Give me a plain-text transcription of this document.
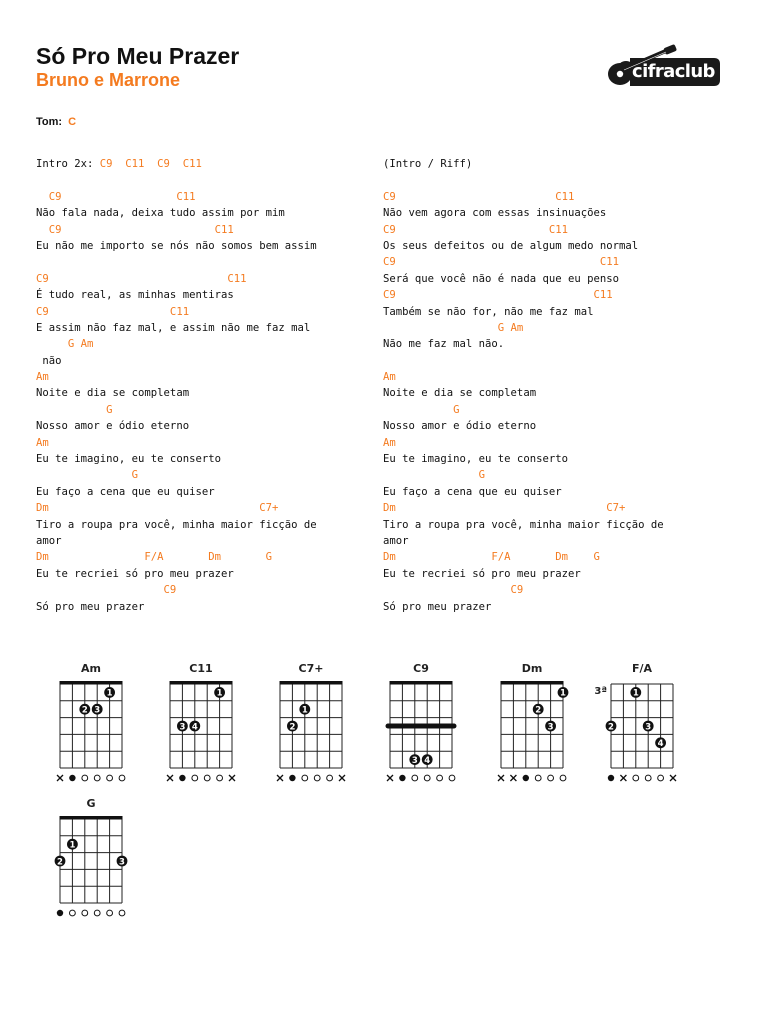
Só Pro Meu Prazer
Bruno e Marrone	cifraclub
Tom: C
Intro 2x: C9  C11  C9  C11
C9                  C11
Não fala nada, deixa tudo assim por mim
C9                        C11
Eu não me importo se nós não somos bem assim
C9                            C11
É tudo real, as minhas mentiras
C9                   C11
E assim não faz mal, e assim não me faz mal
G Am
não
Am
Noite e dia se completam
G
Nosso amor e ódio eterno
Am
Eu te imagino, eu te conserto
G
Eu faço a cena que eu quiser
Dm                                 C7+
Tiro a roupa pra você, minha maior ficção de
amor
Dm               F/A       Dm       G
Eu te recriei só pro meu prazer
C9
Só pro meu prazer
(Intro / Riff)
C9                         C11
Não vem agora com essas insinuações
C9                        C11
Os seus defeitos ou de algum medo normal
C9                                C11
Será que você não é nada que eu penso
C9                               C11
Também se não for, não me faz mal
G Am
Não me faz mal não.
Am
Noite e dia se completam
G
Nosso amor e ódio eterno
Am
Eu te imagino, eu te conserto
G
Eu faço a cena que eu quiser
Dm                                 C7+
Tiro a roupa pra você, minha maior ficção de
amor
Dm               F/A       Dm    G
Eu te recriei só pro meu prazer
C9
Só pro meu prazer
Am
1
2 3
C11
1
3 4
C7+
1
2
C9
3 4
Dm
1
2
3
F/A
3ª	1
2	3
4
G
1
2	3
